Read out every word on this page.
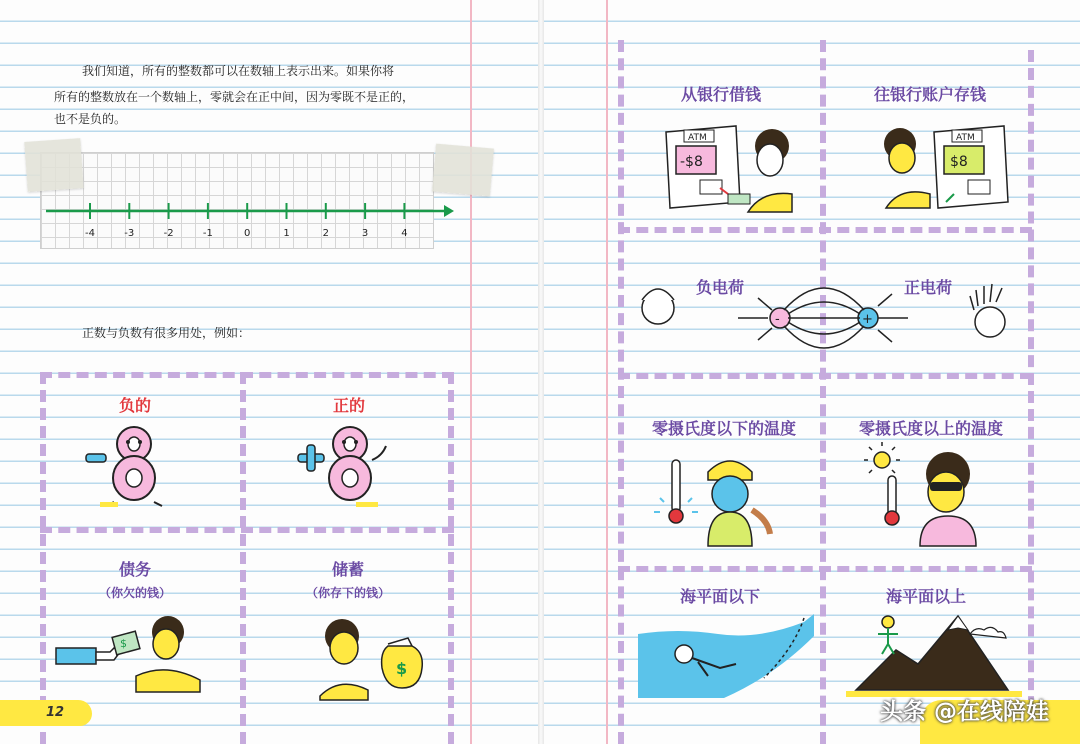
我们知道，所有的整数都可以在数轴上表示出来。如果你将
所有的整数放在一个数轴上，零就会在正中间，因为零既不是正的，
也不是负的。
-4	-3	-2	-1	0	1	2	3	4
正数与负数有很多用处，例如：
负的	正的
债务
（你欠的钱）
储蓄
（你存下的钱）
$
$
12
从银行借钱	往银行账户存钱
ATM
-$8
ATM
$8
负电荷	正电荷
-	+
零摄氏度以下的温度	零摄氏度以上的温度
海平面以下	海平面以上
头条 @在线陪娃
